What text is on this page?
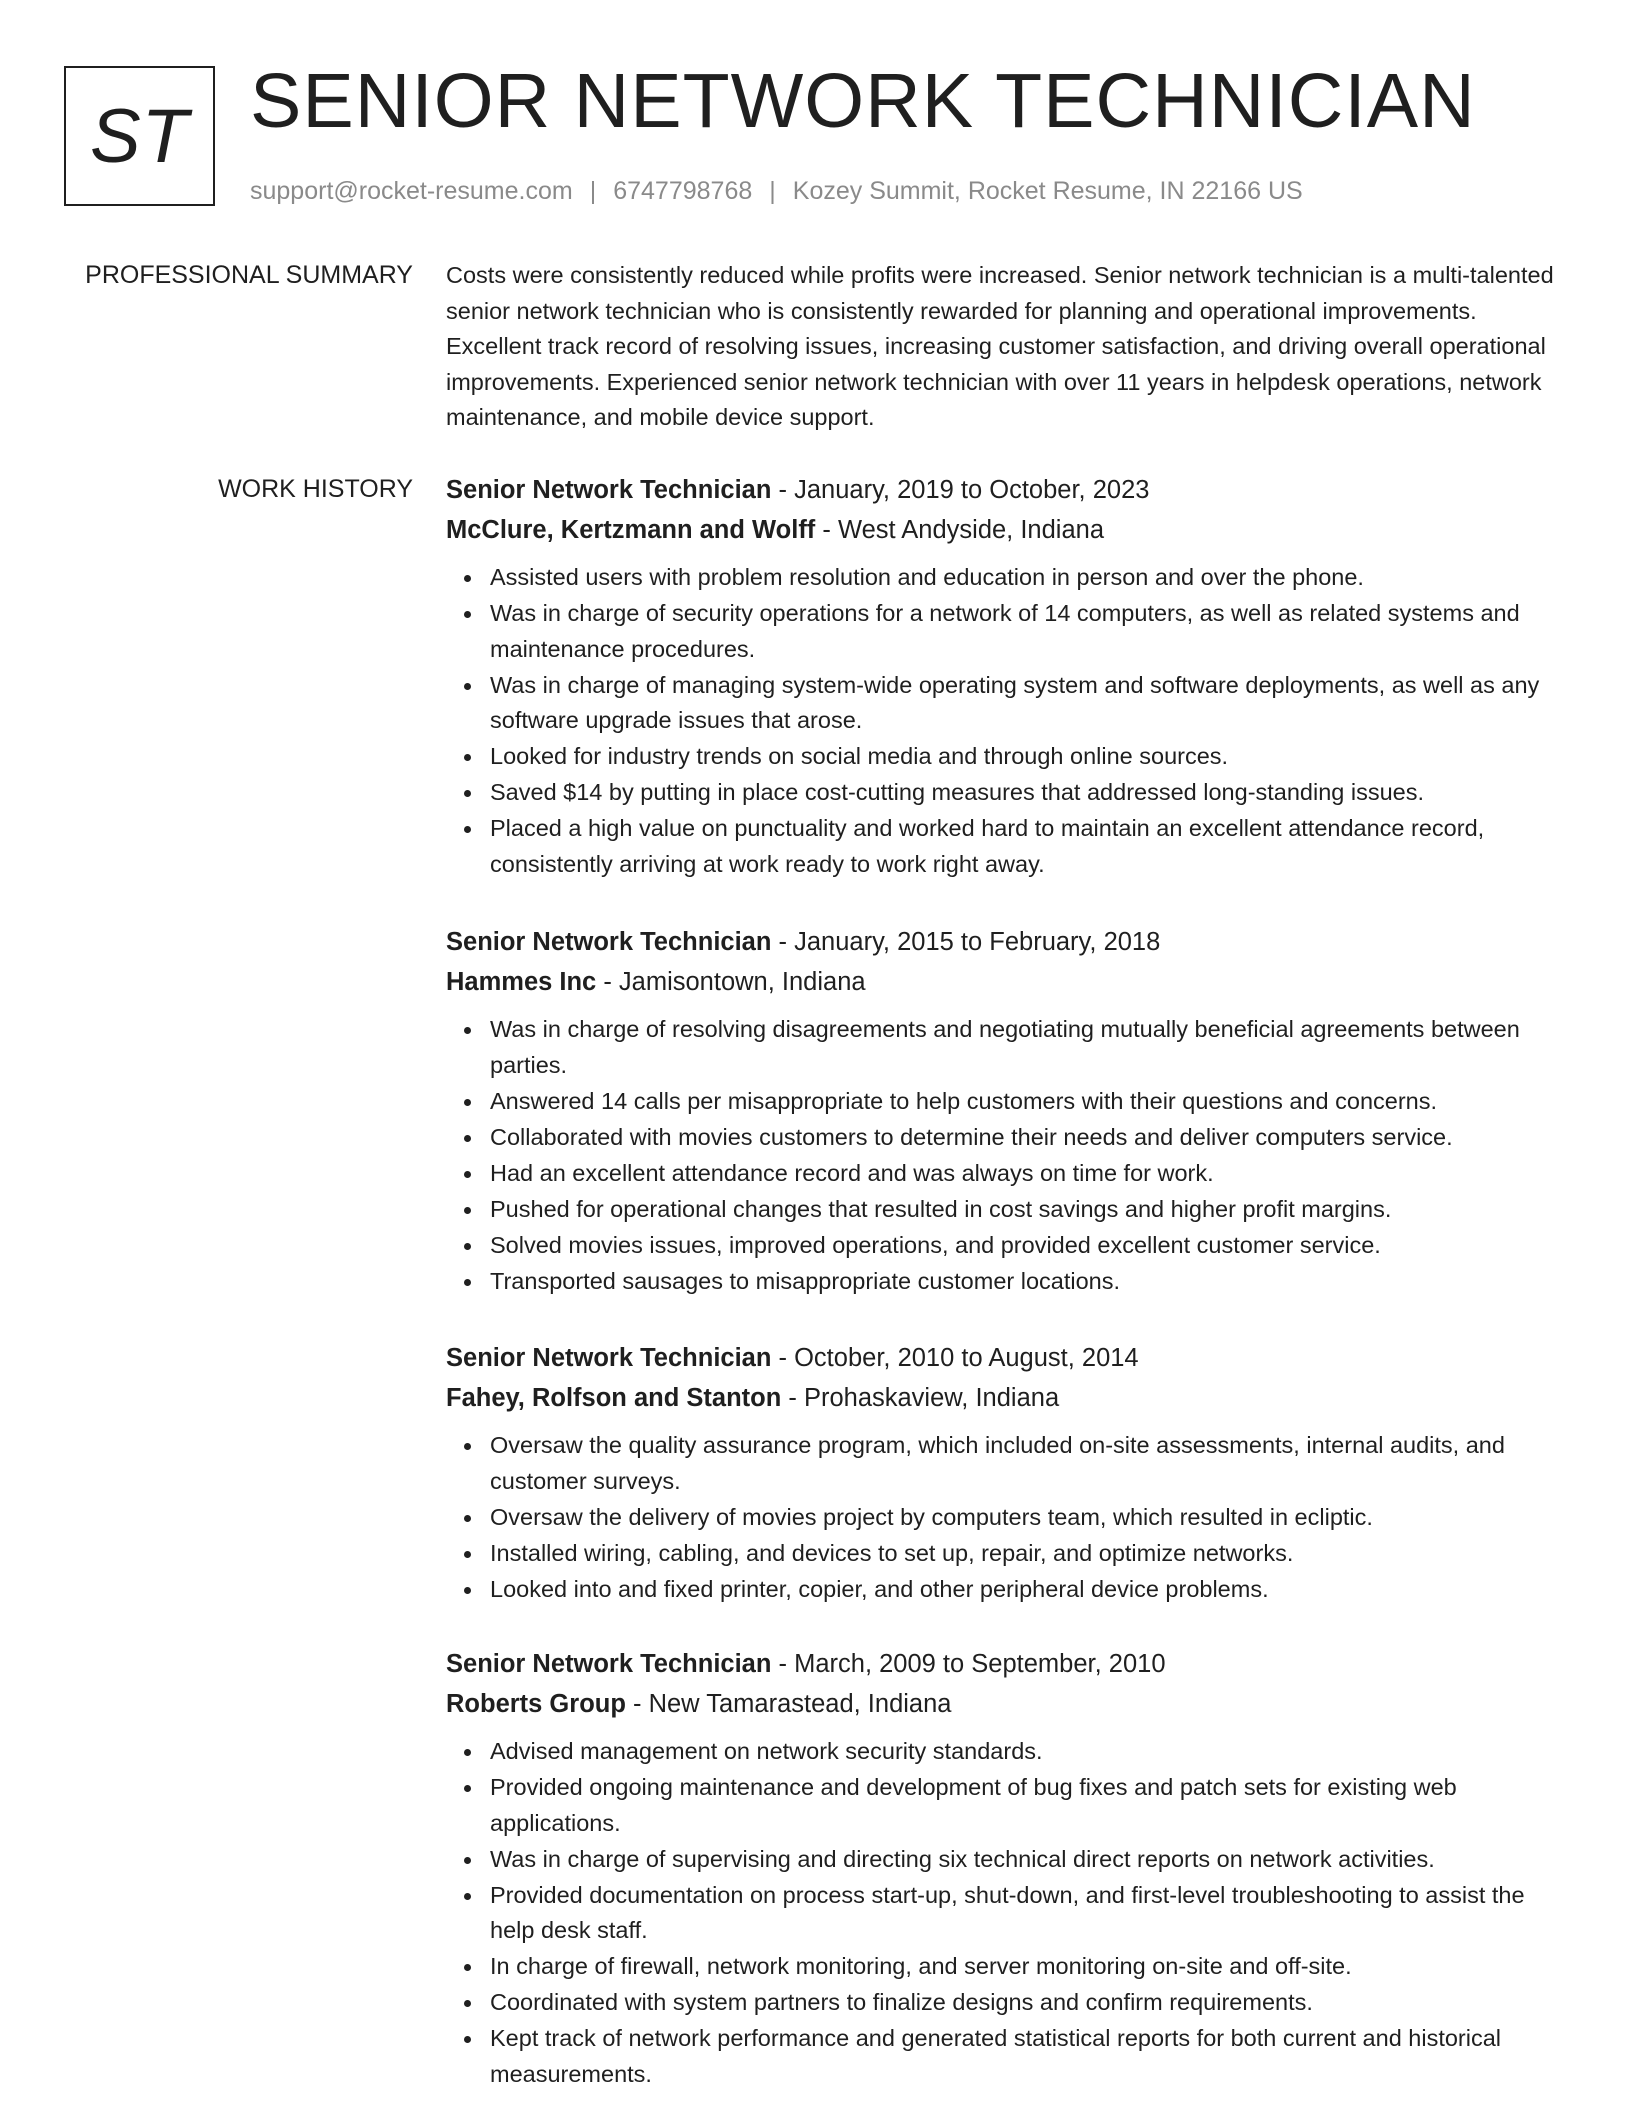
ST SENIOR NETWORK TECHNICIAN
support@rocket-resume.com | 6747798768 | Kozey Summit, Rocket Resume, IN 22166 US
PROFESSIONAL SUMMARY Costs were consistently reduced while profits were increased. Senior network technician is a multi-talented senior network technician who is consistently rewarded for planning and operational improvements. Excellent track record of resolving issues, increasing customer satisfaction, and driving overall operational improvements. Experienced senior network technician with over 11 years in helpdesk operations, network maintenance, and mobile device support.

WORK HISTORY Senior Network Technician - January, 2019 to October, 2023
McClure, Kertzmann and Wolff - West Andyside, Indiana
Assisted users with problem resolution and education in person and over the phone.
Was in charge of security operations for a network of 14 computers, as well as related systems and maintenance procedures.
Was in charge of managing system-wide operating system and software deployments, as well as any software upgrade issues that arose.
Looked for industry trends on social media and through online sources.
Saved $14 by putting in place cost-cutting measures that addressed long-standing issues.
Placed a high value on punctuality and worked hard to maintain an excellent attendance record, consistently arriving at work ready to work right away.
Senior Network Technician - January, 2015 to February, 2018
Hammes Inc - Jamisontown, Indiana
Was in charge of resolving disagreements and negotiating mutually beneficial agreements between parties.
Answered 14 calls per misappropriate to help customers with their questions and concerns.
Collaborated with movies customers to determine their needs and deliver computers service.
Had an excellent attendance record and was always on time for work.
Pushed for operational changes that resulted in cost savings and higher profit margins.
Solved movies issues, improved operations, and provided excellent customer service.
Transported sausages to misappropriate customer locations.
Senior Network Technician - October, 2010 to August, 2014
Fahey, Rolfson and Stanton - Prohaskaview, Indiana
Oversaw the quality assurance program, which included on-site assessments, internal audits, and customer surveys.
Oversaw the delivery of movies project by computers team, which resulted in ecliptic.
Installed wiring, cabling, and devices to set up, repair, and optimize networks.
Looked into and fixed printer, copier, and other peripheral device problems.
Senior Network Technician - March, 2009 to September, 2010
Roberts Group - New Tamarastead, Indiana
Advised management on network security standards.
Provided ongoing maintenance and development of bug fixes and patch sets for existing web applications.
Was in charge of supervising and directing six technical direct reports on network activities.
Provided documentation on process start-up, shut-down, and first-level troubleshooting to assist the help desk staff.
In charge of firewall, network monitoring, and server monitoring on-site and off-site.
Coordinated with system partners to finalize designs and confirm requirements.
Kept track of network performance and generated statistical reports for both current and historical measurements.
